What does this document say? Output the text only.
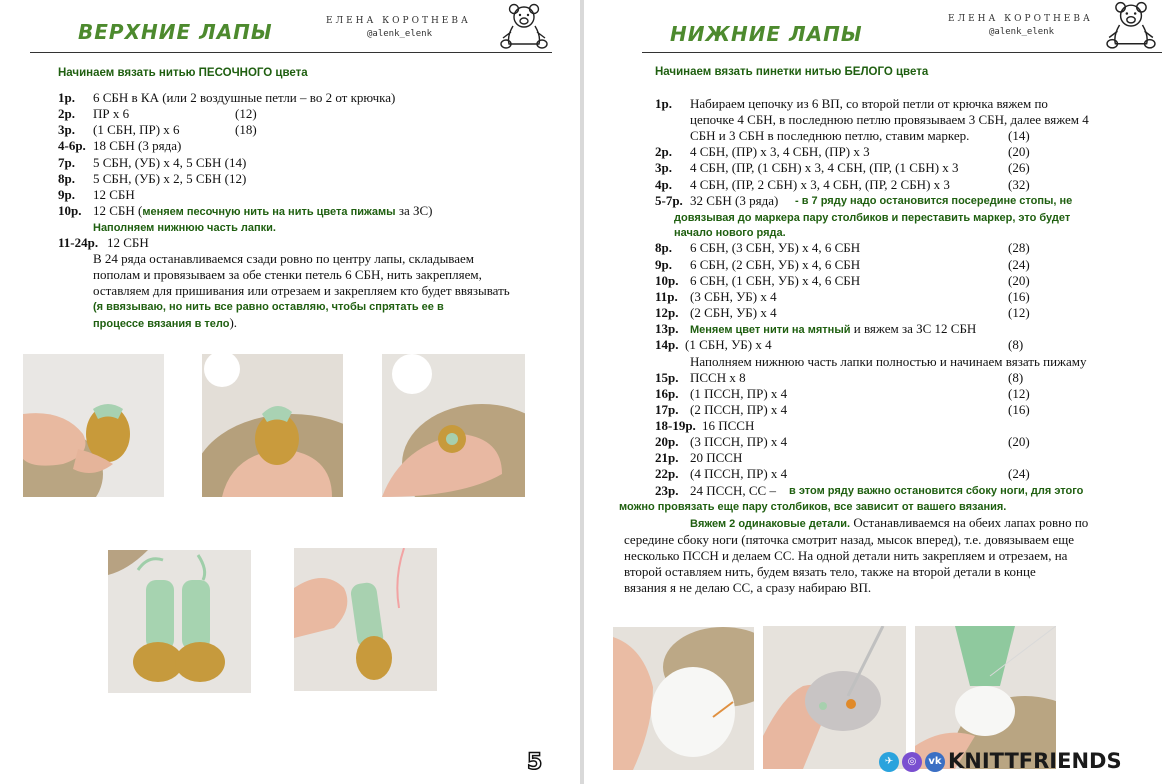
ВЕРХНИЕ ЛАПЫ	ЕЛЕНА КОРОТНЕВА
@alenk_elenk
Начинаем вязать нитью ПЕСОЧНОГО цвета
1р. 6 СБН в КА (или 2 воздушные петли – во 2 от крючка)
2р. ПР х 6	(12)
3р. (1 СБН, ПР) х 6	(18)
4-6р. 18 СБН (3 ряда)
7р. 5 СБН, (УБ) х 4, 5 СБН (14)
8р. 5 СБН, (УБ) х 2, 5 СБН (12)
9р. 12 СБН
10р. 12 СБН (меняем песочную нить на нить цвета пижамы за ЗС)
Наполняем нижнюю часть лапки.
11-24р. 12 СБН
В 24 ряда останавливаемся сзади ровно по центру лапы, складываем
пополам и провязываем за обе стенки петель 6 СБН, нить закрепляем,
оставляем для пришивания или отрезаем и закрепляем кто будет ввязывать
(я ввязываю, но нить все равно оставляю, чтобы спрятать ее в
процессе вязания в тело).
5
НИЖНИЕ ЛАПЫ
ЕЛЕНА КОРОТНЕВА
@alenk_elenk
Начинаем вязать пинетки нитью БЕЛОГО цвета
1р. Набираем цепочку из 6 ВП, со второй петли от крючка вяжем по
цепочке 4 СБН, в последнюю петлю провязываем 3 СБН, далее вяжем 4
СБН и 3 СБН в последнюю петлю, ставим маркер.	(14)
2р. 4 СБН, (ПР) х 3, 4 СБН, (ПР) х 3	(20)
3р. 4 СБН, (ПР, (1 СБН) х 3, 4 СБН, (ПР, (1 СБН) х 3	(26)
4р. 4 СБН, (ПР, 2 СБН) х 3, 4 СБН, (ПР, 2 СБН) х 3	(32)
5-7р. 32 СБН (3 ряда) - в 7 ряду надо остановится посередине стопы, не
довязывая до маркера пару столбиков и переставить маркер, это будет
начало нового ряда.
8р. 6 СБН, (3 СБН, УБ) х 4, 6 СБН	(28)
9р. 6 СБН, (2 СБН, УБ) х 4, 6 СБН	(24)
10р. 6 СБН, (1 СБН, УБ) х 4, 6 СБН	(20)
11р. (3 СБН, УБ) х 4	(16)
12р. (2 СБН, УБ) х 4	(12)
13р. Меняем цвет нити на мятный и вяжем за ЗС 12 СБН
14р. (1 СБН, УБ) х 4	(8)
Наполняем нижнюю часть лапки полностью и начинаем вязать пижаму
15р. ПССН х 8	(8)
16р. (1 ПССН, ПР) х 4	(12)
17р. (2 ПССН, ПР) х 4	(16)
18-19р. 16 ПССН
20р. (3 ПССН, ПР) х 4	(20)
21р. 20 ПССН
22р. (4 ПССН, ПР) х 4	(24)
23р. 24 ПССН, СС – в этом ряду важно остановится сбоку ноги, для этого
можно провязать еще пару столбиков, все зависит от вашего вязания.
Вяжем 2 одинаковые детали. Останавливаемся на обеих лапах ровно по
середине сбоку ноги (пяточка смотрит назад, мысок вперед), т.е. довязываем еще
несколько ПССН и делаем СС. На одной детали нить закрепляем и отрезаем, на
второй оставляем нить, будем вязать тело, также на второй детали в конце
вязания я не делаю СС, а сразу набираю ВП.
✈	◎	vk KNITTFRIENDS
